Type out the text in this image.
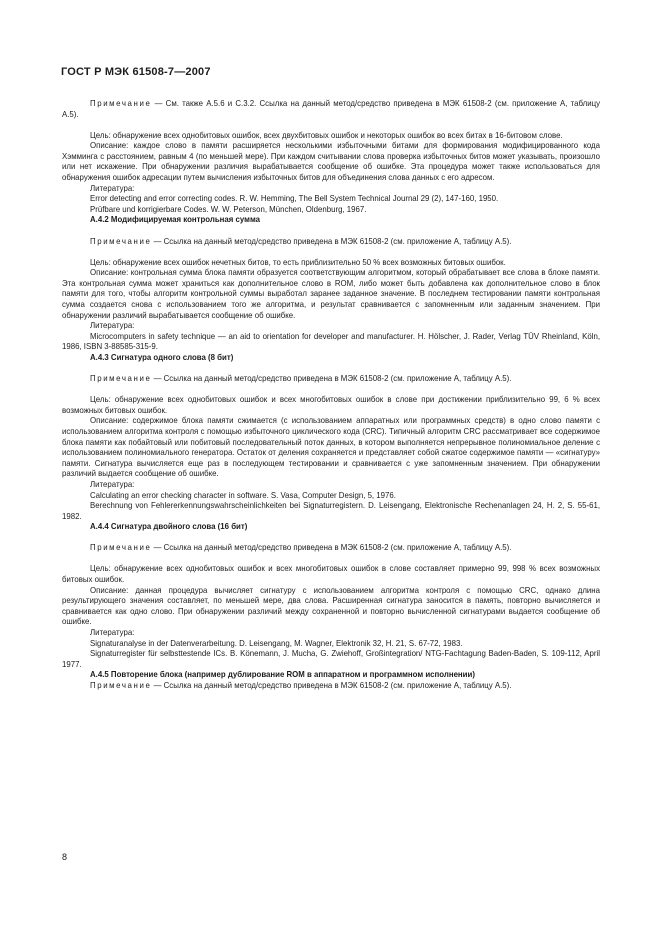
ГОСТ Р МЭК 61508-7—2007

Примечание — См. также А.5.6 и С.3.2. Ссылка на данный метод/средство приведена в МЭК 61508-2 (см. приложение А, таблицу А.5).

Цель: обнаружение всех однобитовых ошибок, всех двухбитовых ошибок и некоторых ошибок во всех битах в 16-битовом слове.

Описание: каждое слово в памяти расширяется несколькими избыточными битами для формирования модифицированного кода Хэмминга с расстоянием, равным 4 (по меньшей мере). При каждом считывании слова проверка избыточных битов может указывать, произошло или нет искажение. При обнаружении различия вырабатывается сообщение об ошибке. Эта процедура может также использоваться для обнаружения ошибок адресации путем вычисления избыточных битов для объединения слова данных с его адресом.

Литература:

Error detecting and error correcting codes. R. W. Hemming, The Bell System Technical Journal 29 (2), 147-160, 1950.

Prüfbare und korrigierbare Codes. W. W. Peterson, München, Oldenburg, 1967.

А.4.2 Модифицируемая контрольная сумма

Примечание — Ссылка на данный метод/средство приведена в МЭК 61508-2 (см. приложение А, таблицу А.5).

Цель: обнаружение всех ошибок нечетных битов, то есть приблизительно 50 % всех возможных битовых ошибок.

Описание: контрольная сумма блока памяти образуется соответствующим алгоритмом, который обрабатывает все слова в блоке памяти. Эта контрольная сумма может храниться как дополнительное слово в ROM, либо может быть добавлена как дополнительное слово в блок памяти для того, чтобы алгоритм контрольной суммы выработал заранее заданное значение. В последнем тестировании памяти контрольная сумма создается снова с использованием того же алгоритма, и результат сравнивается с запомненным или заданным значением. При обнаружении различий вырабатывается сообщение об ошибке.

Литература:

Microcomputers in safety technique — an aid to orientation for developer and manufacturer. H. Hölscher, J. Rader, Verlag TÜV Rheinland, Köln, 1986, ISBN 3-88585-315-9.

А.4.3 Сигнатура одного слова (8 бит)

Примечание — Ссылка на данный метод/средство приведена в МЭК 61508-2 (см. приложение А, таблицу А.5).

Цель: обнаружение всех однобитовых ошибок и всех многобитовых ошибок в слове при достижении приблизительно 99, 6 % всех возможных битовых ошибок.

Описание: содержимое блока памяти сжимается (с использованием аппаратных или программных средств) в одно слово памяти с использованием алгоритма контроля с помощью избыточного циклического кода (CRC). Типичный алгоритм CRC рассматривает все содержимое блока памяти как побайтовый или побитовый последовательный поток данных, в котором выполняется непрерывное полиномиальное деление с использованием полиномиального генератора. Остаток от деления сохраняется и представляет собой сжатое содержимое памяти — «сигнатуру» памяти. Сигнатура вычисляется еще раз в последующем тестировании и сравнивается с уже запомненным значением. При обнаружении различий выдается сообщение об ошибке.

Литература:

Calculating an error checking character in software. S. Vasa, Computer Design, 5, 1976.

Berechnung von Fehlererkennungswahrscheinlichkeiten bei Signaturregistern. D. Leisengang, Elektronische Rechenanlagen 24, H. 2, S. 55-61, 1982.

А.4.4 Сигнатура двойного слова (16 бит)

Примечание — Ссылка на данный метод/средство приведена в МЭК 61508-2 (см. приложение А, таблицу А.5).

Цель: обнаружение всех однобитовых ошибок и всех многобитовых ошибок в слове составляет примерно 99, 998 % всех возможных битовых ошибок.

Описание: данная процедура вычисляет сигнатуру с использованием алгоритма контроля с помощью CRC, однако длина результирующего значения составляет, по меньшей мере, два слова. Расширенная сигнатура заносится в память, повторно вычисляется и сравнивается как одно слово. При обнаружении различий между сохраненной и повторно вычисленной сигнатурами выдается сообщение об ошибке.

Литература:

Signaturanalyse in der Datenverarbeitung. D. Leisengang, M. Wagner, Elektronik 32, H. 21, S. 67-72, 1983.

Signaturregister für selbsttestende ICs. B. Könemann, J. Mucha, G. Zwiehoff, Großintegration/ NTG-Fachtagung Baden-Baden, S. 109-112, April 1977.

А.4.5 Повторение блока (например дублирование ROM в аппаратном и программном исполнении)

Примечание — Ссылка на данный метод/средство приведена в МЭК 61508-2 (см. приложение А, таблицу А.5).

8
